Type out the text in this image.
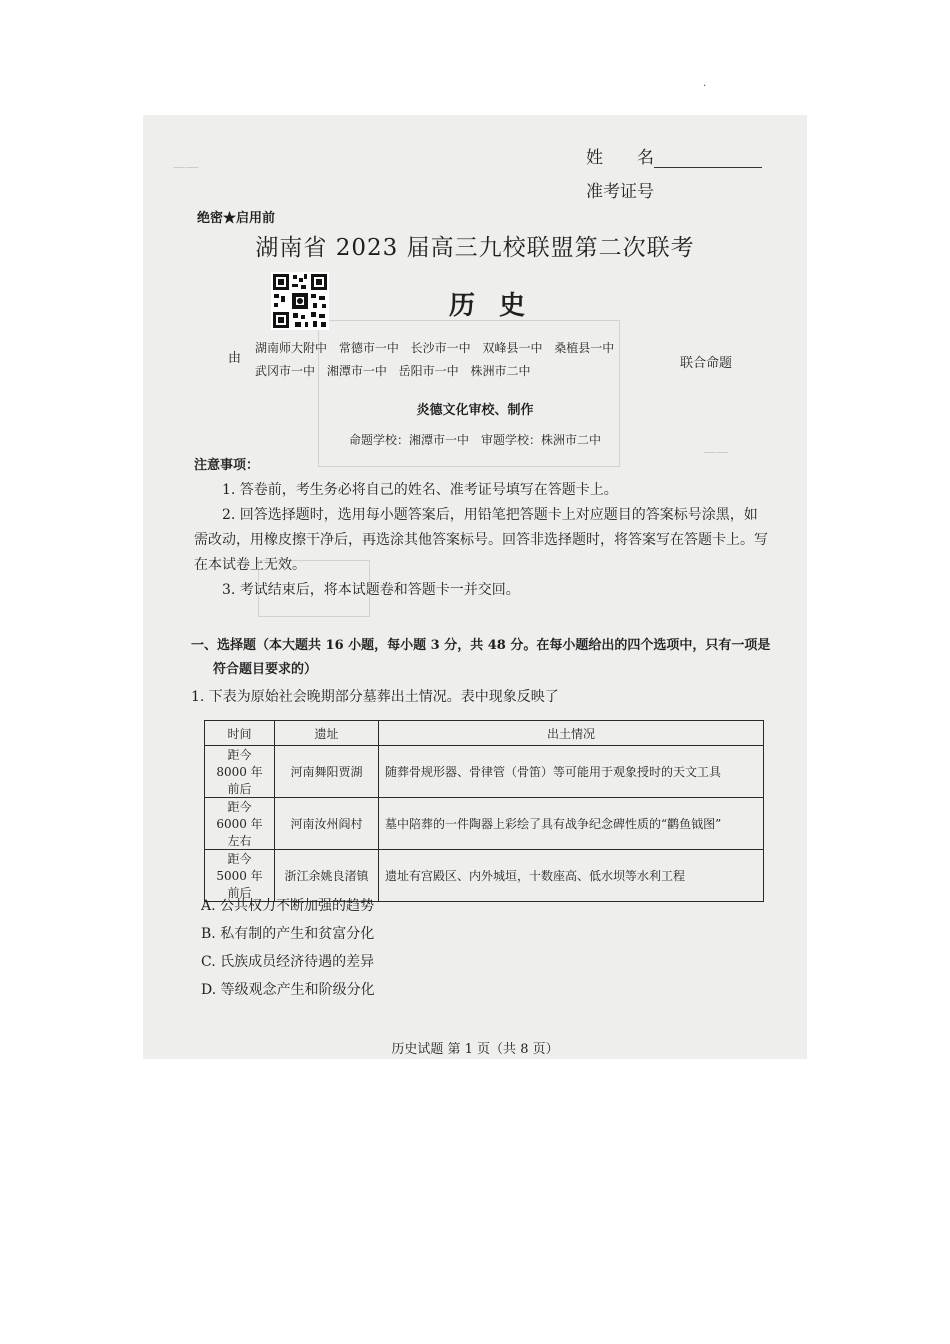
.
——
——
姓　　名
准考证号
绝密★启用前
湖南省 2023 届高三九校联盟第二次联考
历史
由
湖南师大附中 常德市一中 长沙市一中 双峰县一中 桑植县一中
武冈市一中 湘潭市一中 岳阳市一中 株洲市二中	联合命题
炎德文化审校、制作
命题学校：湘潭市一中　审题学校：株洲市二中
注意事项：
1. 答卷前，考生务必将自己的姓名、准考证号填写在答题卡上。
2. 回答选择题时，选用每小题答案后，用铅笔把答题卡上对应题目的答案标号涂黑，如需改动，用橡皮擦干净后，再选涂其他答案标号。回答非选择题时，将答案写在答题卡上。写在本试卷上无效。
3. 考试结束后，将本试题卷和答题卡一并交回。
一、选择题（本大题共 16 小题，每小题 3 分，共 48 分。在每小题给出的四个选项中，只有一项是
符合题目要求的）
1. 下表为原始社会晚期部分墓葬出土情况。表中现象反映了
时间	遗址	出土情况
距今 8000 年前后	河南舞阳贾湖	随葬骨规形器、骨律管（骨笛）等可能用于观象授时的天文工具
距今 6000 年左右	河南汝州阎村	墓中陪葬的一件陶器上彩绘了具有战争纪念碑性质的“鹳鱼钺图”
距今 5000 年前后	浙江余姚良渚镇	遗址有宫殿区、内外城垣，十数座高、低水坝等水利工程
A. 公共权力不断加强的趋势
B. 私有制的产生和贫富分化
C. 氏族成员经济待遇的差异
D. 等级观念产生和阶级分化
历史试题 第 1 页（共 8 页）
